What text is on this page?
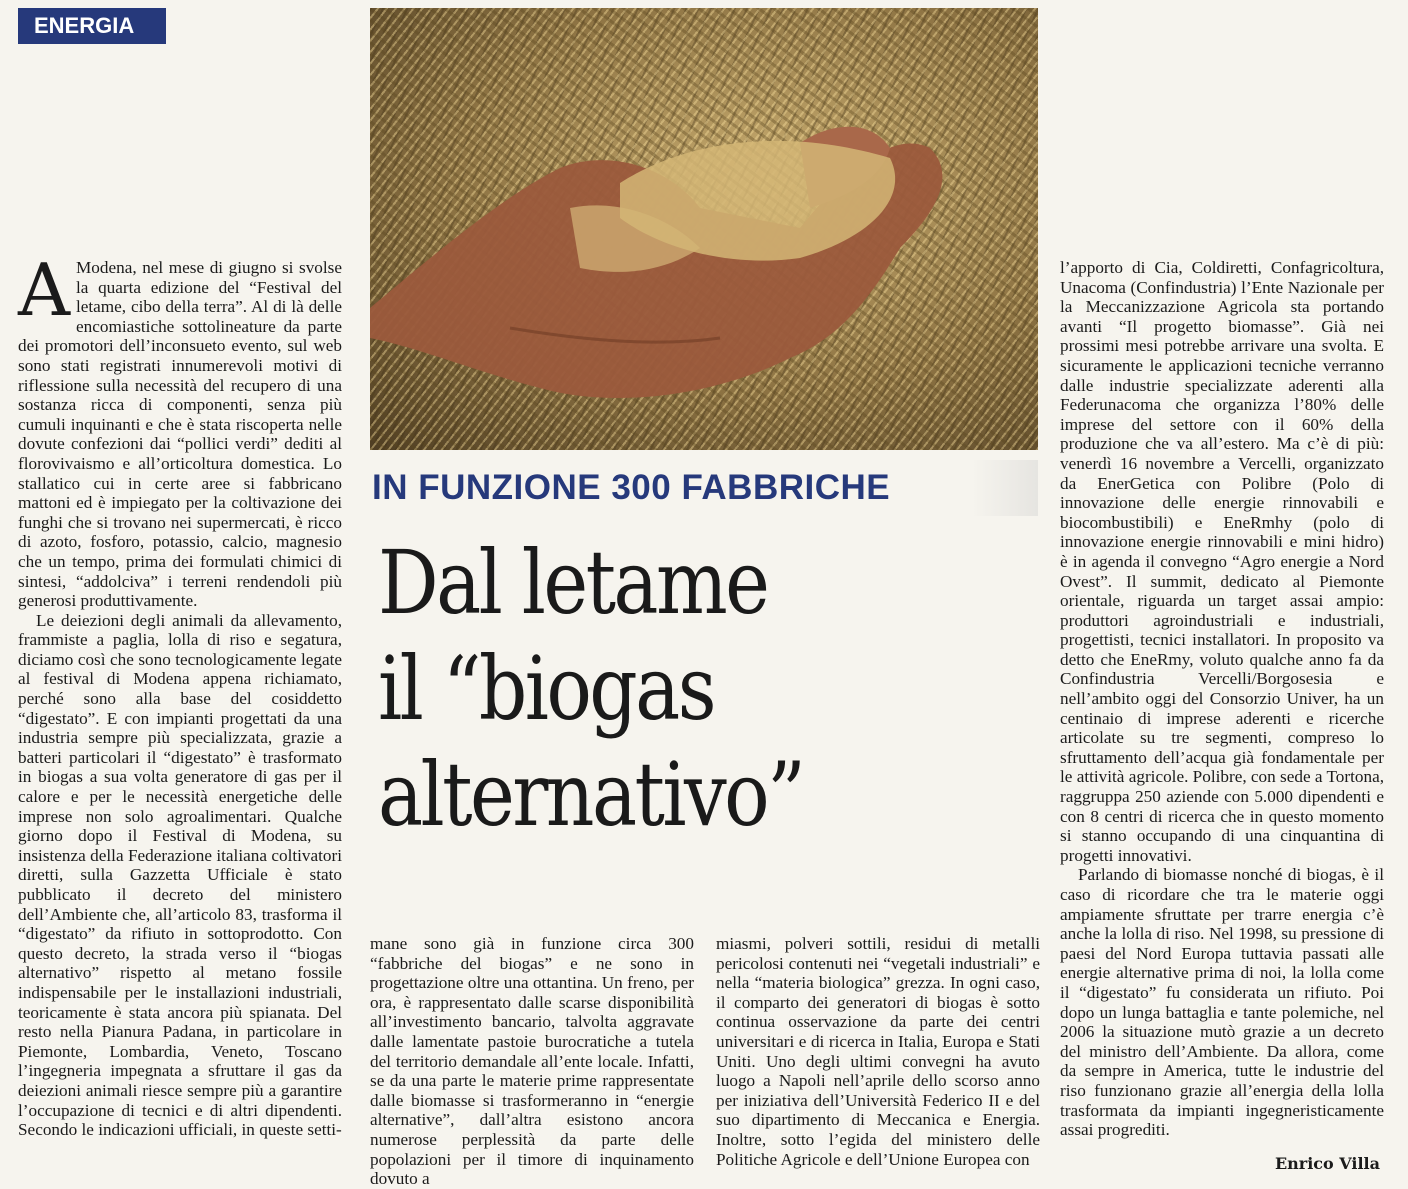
ENERGIA
IN FUNZIONE 300 FABBRICHE
Dal letame
il “biogas
alternativo”

A Modena, nel mese di giugno si svolse la quarta edizione del “Festival del letame, cibo della terra”. Al di là delle encomiastiche sottolineature da parte dei promotori dell’inconsueto evento, sul web sono stati registrati innumerevoli motivi di riflessione sulla necessità del recupero di una sostanza ricca di componenti, senza più cumuli inquinanti e che è stata riscoperta nelle dovute confezioni dai “pollici verdi” dediti al florovivaismo e all’orticoltura domestica. Lo stallatico cui in certe aree si fabbricano mattoni ed è impiegato per la coltivazione dei funghi che si trovano nei supermercati, è ricco di azoto, fosforo, potassio, calcio, magnesio che un tempo, prima dei formulati chimici di sintesi, “addolciva” i terreni rendendoli più generosi produttivamente.

Le deiezioni degli animali da allevamento, frammiste a paglia, lolla di riso e segatura, diciamo così che sono tecnologicamente legate al festival di Modena appena richiamato, perché sono alla base del cosiddetto “digestato”. E con impianti progettati da una industria sempre più specializzata, grazie a batteri particolari il “digestato” è trasformato in biogas a sua volta generatore di gas per il calore e per le necessità energetiche delle imprese non solo agroalimentari. Qualche giorno dopo il Festival di Modena, su insistenza della Federazione italiana coltivatori diretti, sulla Gazzetta Ufficiale è stato pubblicato il decreto del ministero dell’Ambiente che, all’articolo 83, trasforma il “digestato” da rifiuto in sottoprodotto. Con questo decreto, la strada verso il “biogas alternativo” rispetto al metano fossile indispensabile per le installazioni industriali, teoricamente è stata ancora più spianata. Del resto nella Pianura Padana, in particolare in Piemonte, Lombardia, Veneto, Toscano l’ingegneria impegnata a sfruttare il gas da deiezioni animali riesce sempre più a garantire l’occupazione di tecnici e di altri dipendenti. Secondo le indicazioni ufficiali, in queste setti-

mane sono già in funzione circa 300 “fabbriche del biogas” e ne sono in progettazione oltre una ottantina. Un freno, per ora, è rappresentato dalle scarse disponibilità all’investimento bancario, talvolta aggravate dalle lamentate pastoie burocratiche a tutela del territorio demandale all’ente locale. Infatti, se da una parte le materie prime rappresentate dalle biomasse si trasformeranno in “energie alternative”, dall’altra esistono ancora numerose perplessità da parte delle popolazioni per il timore di inquinamento dovuto a

miasmi, polveri sottili, residui di metalli pericolosi contenuti nei “vegetali industriali” e nella “materia biologica” grezza. In ogni caso, il comparto dei generatori di biogas è sotto continua osservazione da parte dei centri universitari e di ricerca in Italia, Europa e Stati Uniti. Uno degli ultimi convegni ha avuto luogo a Napoli nell’aprile dello scorso anno per iniziativa dell’Università Federico II e del suo dipartimento di Meccanica e Energia. Inoltre, sotto l’egida del ministero delle Politiche Agricole e dell’Unione Europea con

l’apporto di Cia, Coldiretti, Confagricoltura, Unacoma (Confindustria) l’Ente Nazionale per la Meccanizzazione Agricola sta portando avanti “Il progetto biomasse”. Già nei prossimi mesi potrebbe arrivare una svolta. E sicuramente le applicazioni tecniche verranno dalle industrie specializzate aderenti alla Federunacoma che organizza l’80% delle imprese del settore con il 60% della produzione che va all’estero. Ma c’è di più: venerdì 16 novembre a Vercelli, organizzato da EnerGetica con Polibre (Polo di innovazione delle energie rinnovabili e biocombustibili) e EneRmhy (polo di innovazione energie rinnovabili e mini hidro) è in agenda il convegno “Agro energie a Nord Ovest”. Il summit, dedicato al Piemonte orientale, riguarda un target assai ampio: produttori agroindustriali e industriali, progettisti, tecnici installatori. In proposito va detto che EneRmy, voluto qualche anno fa da Confindustria Vercelli/Borgosesia e nell’ambito oggi del Consorzio Univer, ha un centinaio di imprese aderenti e ricerche articolate su tre segmenti, compreso lo sfruttamento dell’acqua già fondamentale per le attività agricole. Polibre, con sede a Tortona, raggruppa 250 aziende con 5.000 dipendenti e con 8 centri di ricerca che in questo momento si stanno occupando di una cinquantina di progetti innovativi.

Parlando di biomasse nonché di biogas, è il caso di ricordare che tra le materie oggi ampiamente sfruttate per trarre energia c’è anche la lolla di riso. Nel 1998, su pressione di paesi del Nord Europa tuttavia passati alle energie alternative prima di noi, la lolla come il “digestato” fu considerata un rifiuto. Poi dopo un lunga battaglia e tante polemiche, nel 2006 la situazione mutò grazie a un decreto del ministro dell’Ambiente. Da allora, come da sempre in America, tutte le industrie del riso funzionano grazie all’energia della lolla trasformata da impianti ingegneristicamente assai progrediti.

Enrico Villa
